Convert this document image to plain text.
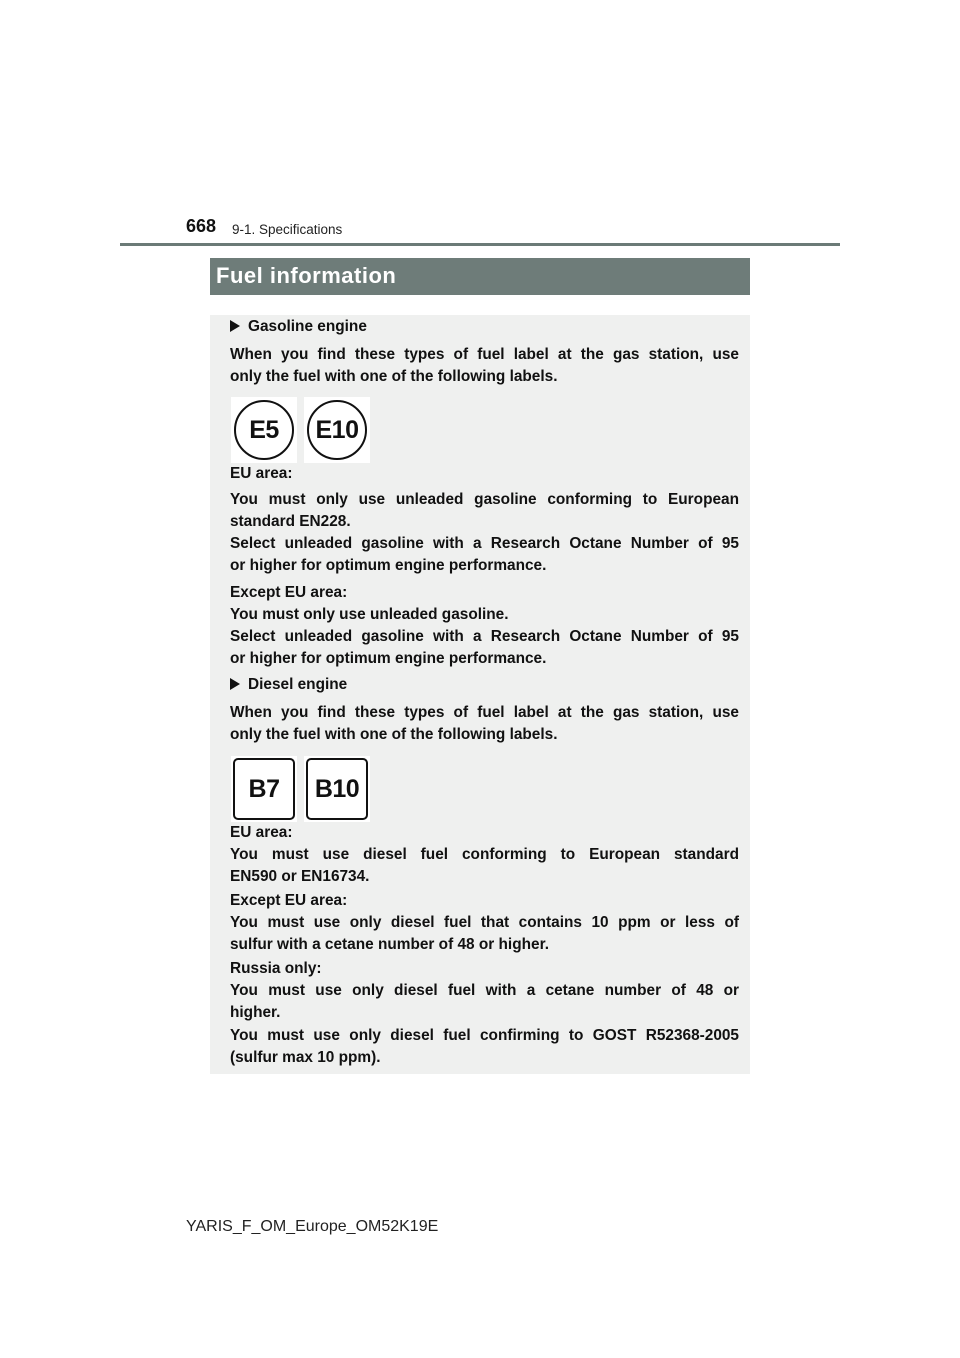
668 9-1. Specifications
Fuel information
Gasoline engine
When you find these types of fuel label at the gas station, use
only the fuel with one of the following labels.
E5	E10
EU area:
You must only use unleaded gasoline conforming to European
standard EN228.
Select unleaded gasoline with a Research Octane Number of 95
or higher for optimum engine performance.
Except EU area:
You must only use unleaded gasoline.
Select unleaded gasoline with a Research Octane Number of 95
or higher for optimum engine performance.
Diesel engine
When you find these types of fuel label at the gas station, use
only the fuel with one of the following labels.
B7	B10
EU area:
You must use diesel fuel conforming to European standard
EN590 or EN16734.
Except EU area:
You must use only diesel fuel that contains 10 ppm or less of
sulfur with a cetane number of 48 or higher.
Russia only:
You must use only diesel fuel with a cetane number of 48 or
higher.
You must use only diesel fuel confirming to GOST R52368-2005
(sulfur max 10 ppm).
YARIS_F_OM_Europe_OM52K19E
